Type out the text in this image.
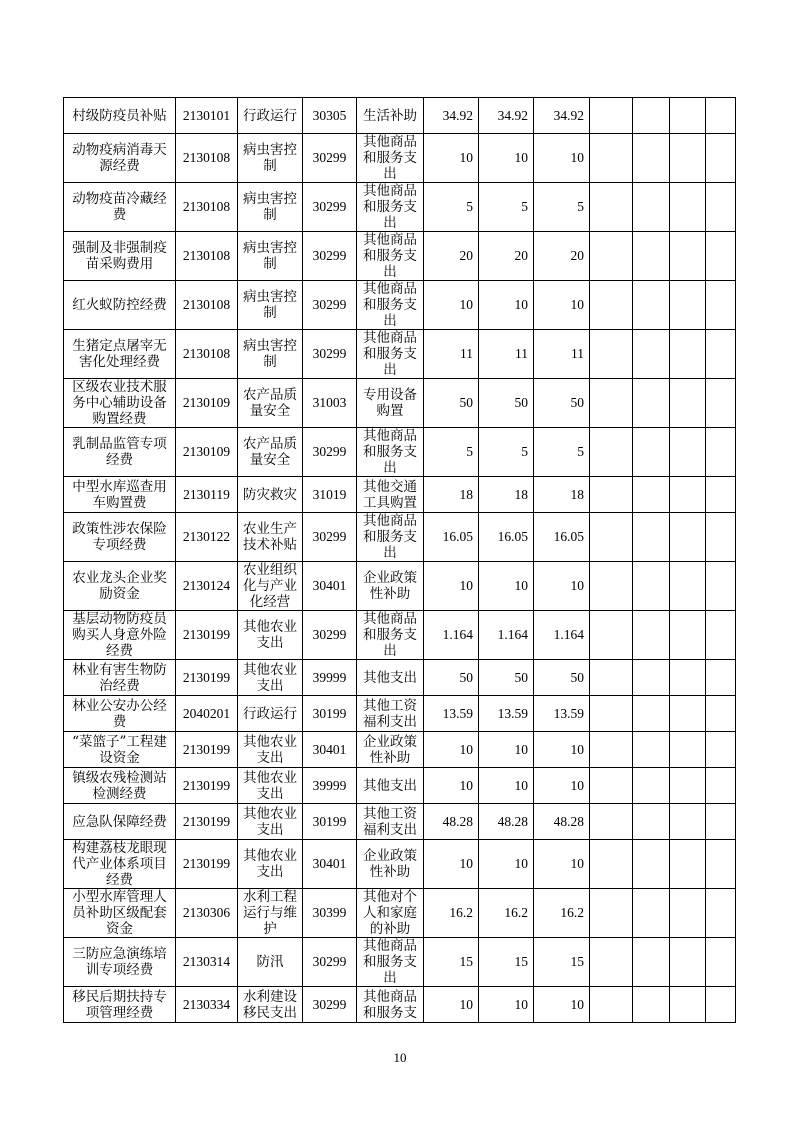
村级防疫员补贴	2130101	行政运行	30305	生活补助	34.92	34.92	34.92				
动物疫病消毒天源经费	2130108	病虫害控制	30299	其他商品和服务支出	10	10	10				
动物疫苗冷藏经费	2130108	病虫害控制	30299	其他商品和服务支出	5	5	5				
强制及非强制疫苗采购费用	2130108	病虫害控制	30299	其他商品和服务支出	20	20	20				
红火蚁防控经费	2130108	病虫害控制	30299	其他商品和服务支出	10	10	10				
生猪定点屠宰无害化处理经费	2130108	病虫害控制	30299	其他商品和服务支出	11	11	11				
区级农业技术服务中心辅助设备购置经费	2130109	农产品质量安全	31003	专用设备购置	50	50	50				
乳制品监管专项经费	2130109	农产品质量安全	30299	其他商品和服务支出	5	5	5				
中型水库巡查用车购置费	2130119	防灾救灾	31019	其他交通工具购置	18	18	18				
政策性涉农保险专项经费	2130122	农业生产技术补贴	30299	其他商品和服务支出	16.05	16.05	16.05				
农业龙头企业奖励资金	2130124	农业组织化与产业化经营	30401	企业政策性补助	10	10	10				
基层动物防疫员购买人身意外险经费	2130199	其他农业支出	30299	其他商品和服务支出	1.164	1.164	1.164				
林业有害生物防治经费	2130199	其他农业支出	39999	其他支出	50	50	50				
林业公安办公经费	2040201	行政运行	30199	其他工资福利支出	13.59	13.59	13.59				
“菜篮子”工程建设资金	2130199	其他农业支出	30401	企业政策性补助	10	10	10				
镇级农残检测站检测经费	2130199	其他农业支出	39999	其他支出	10	10	10				
应急队保障经费	2130199	其他农业支出	30199	其他工资福利支出	48.28	48.28	48.28				
构建荔枝龙眼现代产业体系项目经费	2130199	其他农业支出	30401	企业政策性补助	10	10	10				
小型水库管理人员补助区级配套资金	2130306	水利工程运行与维护	30399	其他对个人和家庭的补助	16.2	16.2	16.2				
三防应急演练培训专项经费	2130314	防汛	30299	其他商品和服务支出	15	15	15				
移民后期扶持专项管理经费	2130334	水利建设移民支出	30299	其他商品和服务支	10	10	10				
10
